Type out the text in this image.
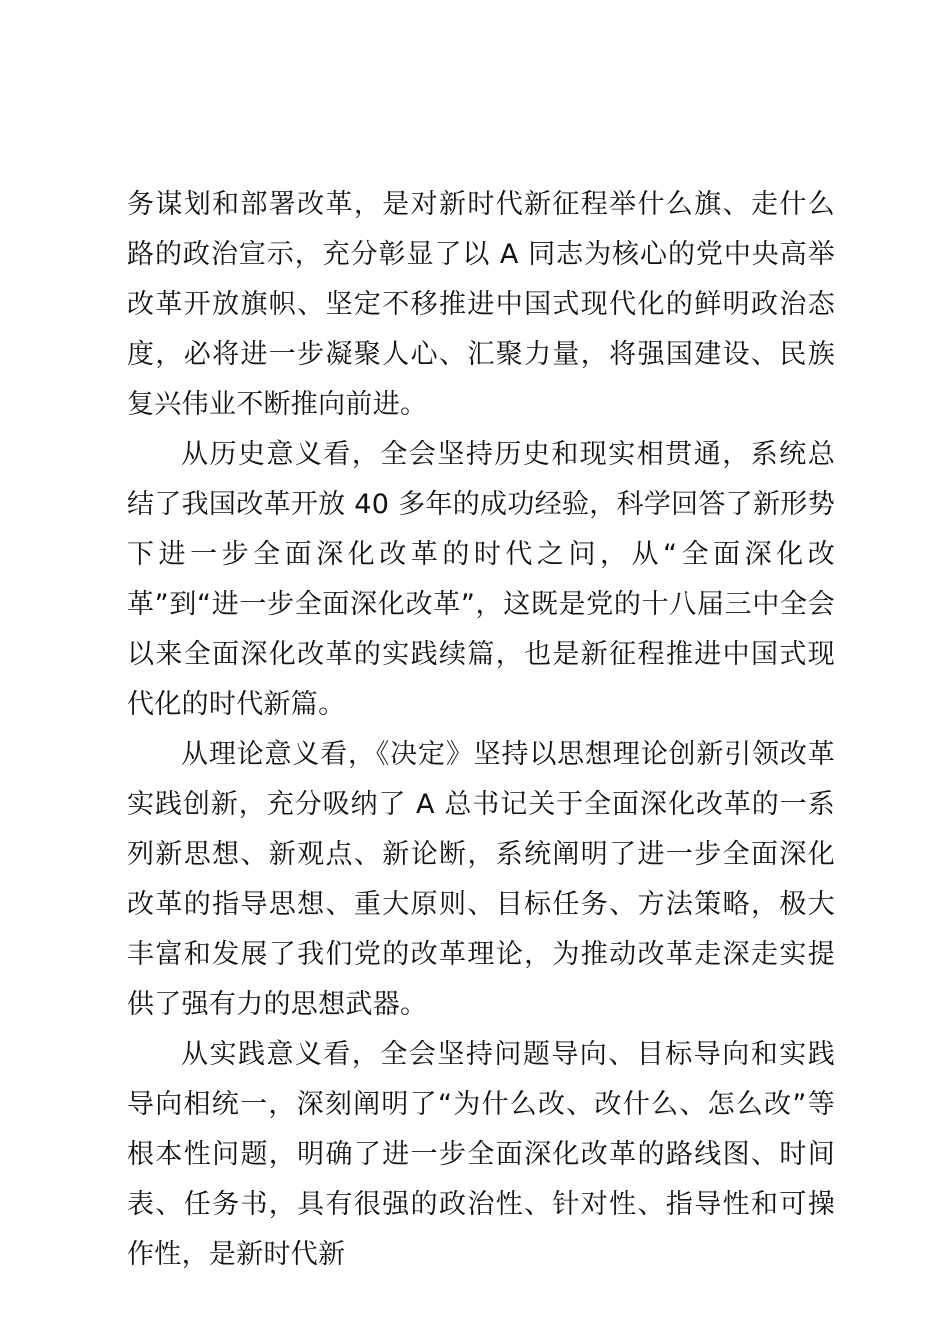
务谋划和部署改革，是对新时代新征程举什么旗、走什么路的政治宣示，充分彰显了以 A 同志为核心的党中央高举改革开放旗帜、坚定不移推进中国式现代化的鲜明政治态度，必将进一步凝聚人心、汇聚力量，将强国建设、民族复兴伟业不断推向前进。

从历史意义看，全会坚持历史和现实相贯通，系统总结了我国改革开放 40 多年的成功经验，科学回答了新形势下进一步全面深化改革的时代之问，从“全面深化改革”到“进一步全面深化改革”，这既是党的十八届三中全会以来全面深化改革的实践续篇，也是新征程推进中国式现代化的时代新篇。

从理论意义看，《决定》坚持以思想理论创新引领改革实践创新，充分吸纳了 A 总书记关于全面深化改革的一系列新思想、新观点、新论断，系统阐明了进一步全面深化改革的指导思想、重大原则、目标任务、方法策略，极大丰富和发展了我们党的改革理论，为推动改革走深走实提供了强有力的思想武器。

从实践意义看，全会坚持问题导向、目标导向和实践导向相统一，深刻阐明了“为什么改、改什么、怎么改”等根本性问题，明确了进一步全面深化改革的路线图、时间表、任务书，具有很强的政治性、针对性、指导性和可操作性，是新时代新
